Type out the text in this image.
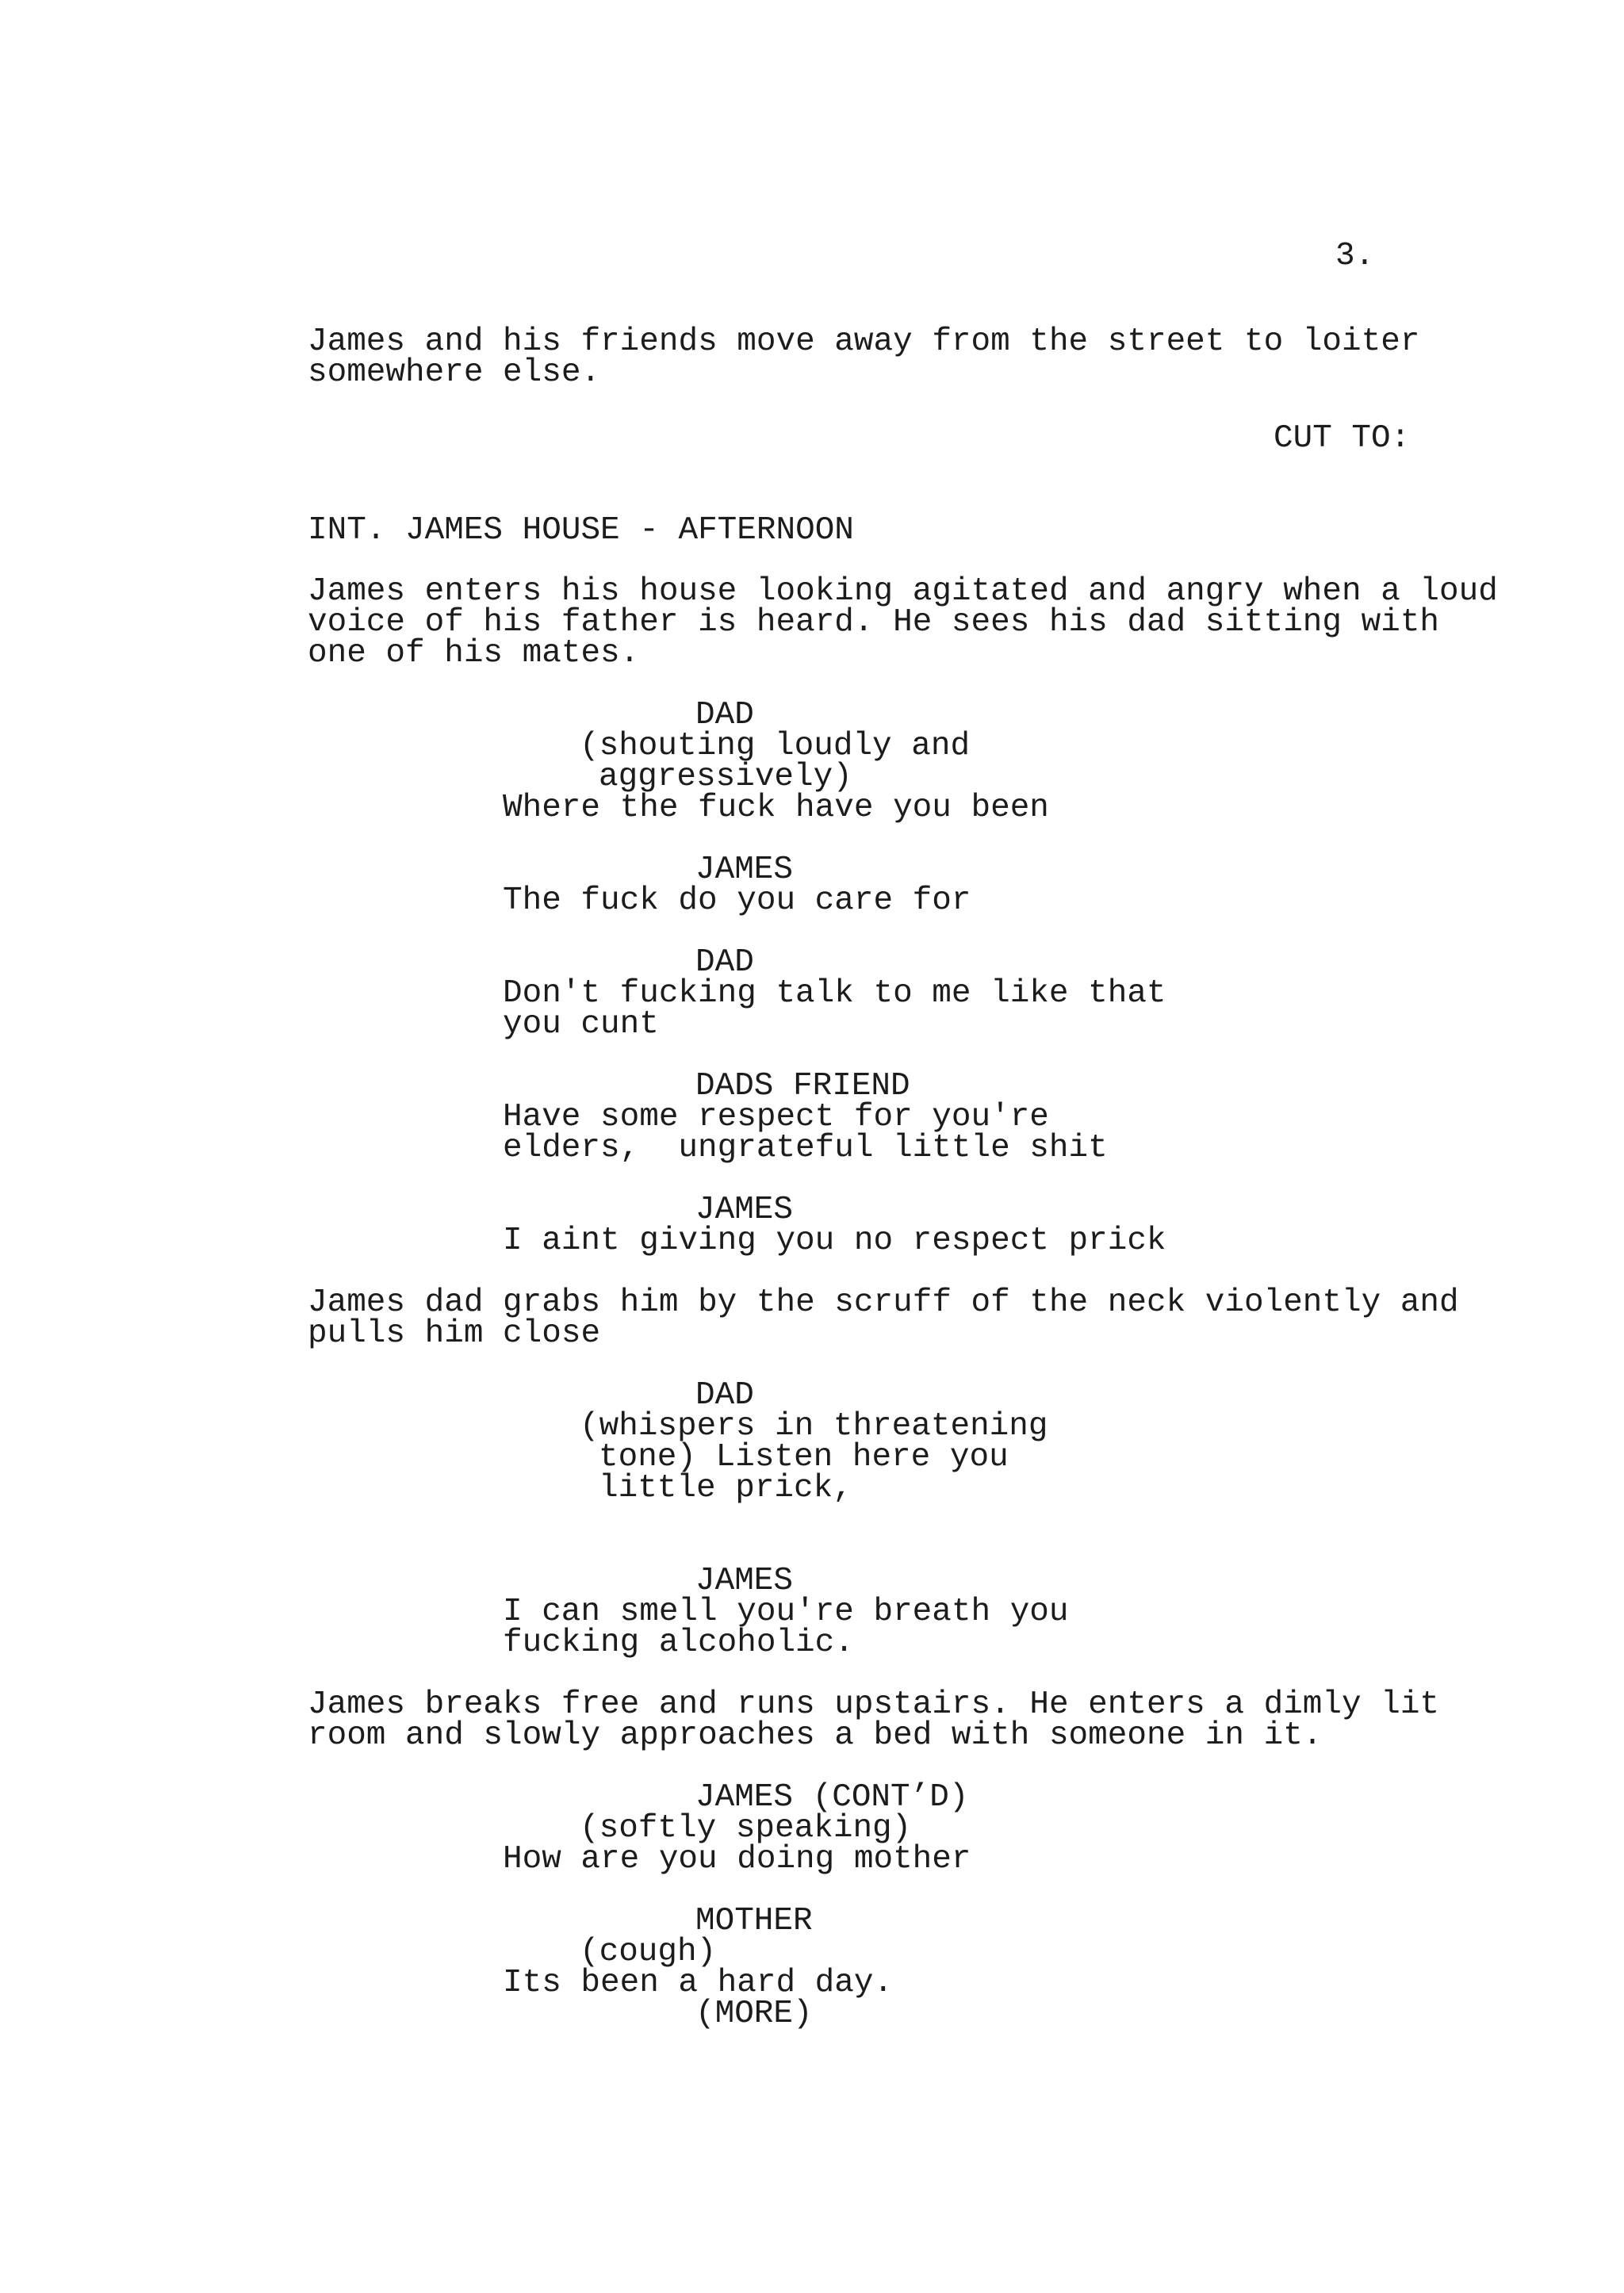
3.
James and his friends move away from the street to loiter
somewhere else.
CUT TO:
INT. JAMES HOUSE - AFTERNOON
James enters his house looking agitated and angry when a loud
voice of his father is heard. He sees his dad sitting with
one of his mates.
DAD
(shouting loudly and
aggressively)
Where the fuck have you been
JAMES
The fuck do you care for
DAD
Don't fucking talk to me like that
you cunt
DADS FRIEND
Have some respect for you're
elders,  ungrateful little shit
JAMES
I aint giving you no respect prick
James dad grabs him by the scruff of the neck violently and
pulls him close
DAD
(whispers in threatening
tone) Listen here you
little prick,
JAMES
I can smell you're breath you
fucking alcoholic.
James breaks free and runs upstairs. He enters a dimly lit
room and slowly approaches a bed with someone in it.
JAMES (CONT’D)
(softly speaking)
How are you doing mother
MOTHER
(cough)
Its been a hard day.
(MORE)
